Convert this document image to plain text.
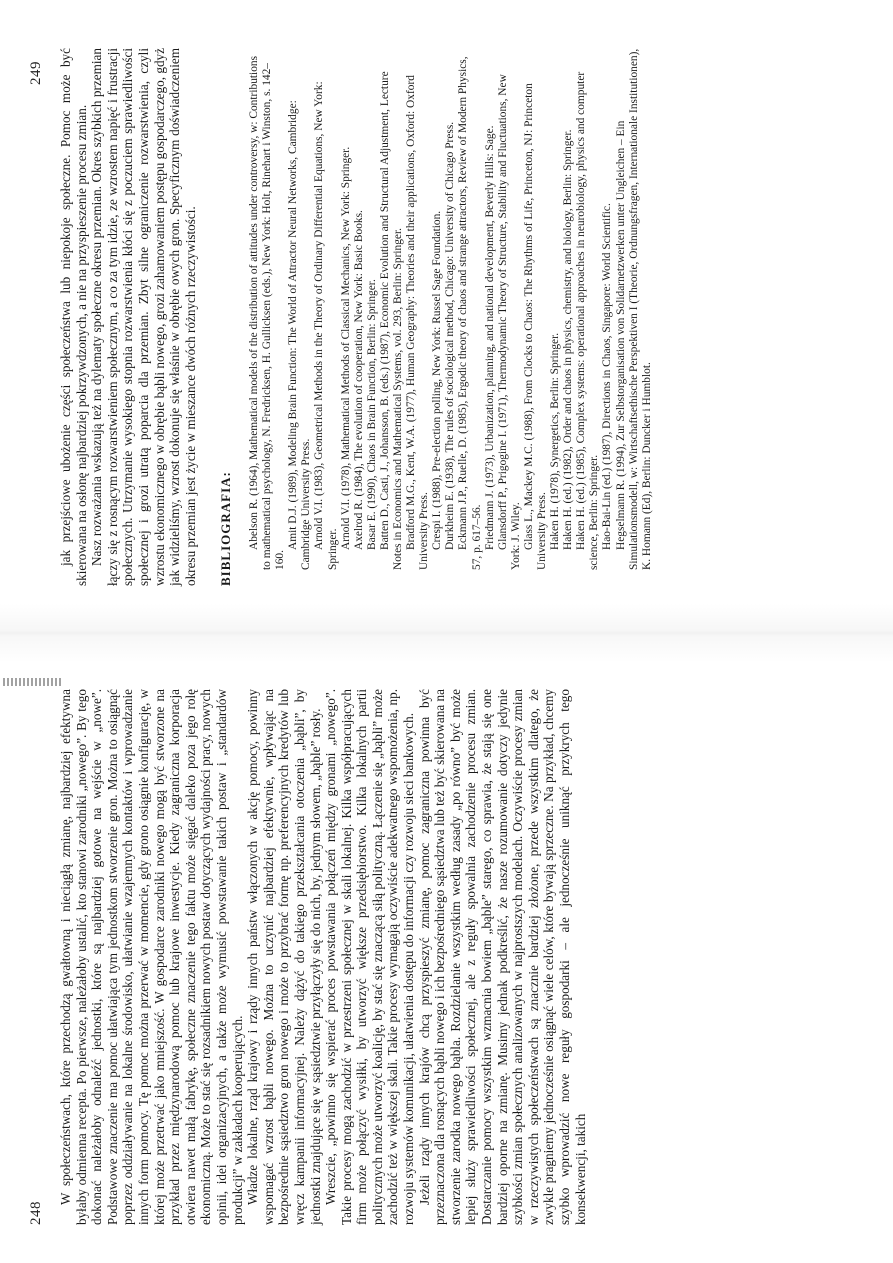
248

W społeczeństwach, które przechodzą gwałtowną i nieciągłą zmianę, najbardziej efektywna byłaby odmienna recepta. Po pierwsze, należałoby ustalić, kto stanowi zarodniki „nowego”. By tego dokonać należałoby odnaleźć jednostki, które są najbardziej gotowe na wejście w „nowe”. Podstawowe znaczenie ma pomoc ułatwiająca tym jednostkom stworzenie gron. Można to osiągnąć poprzez oddziaływanie na lokalne środowisko, ułatwianie wzajemnych kontaktów i wprowadzanie innych form pomocy. Tę pomoc można przerwać w momencie, gdy grono osiągnie konfigurację, w której może przetrwać jako mniejszość. W gospodarce zarodniki nowego mogą być stworzone na przykład przez międzynarodową pomoc lub krajowe inwestycje. Kiedy zagraniczna korporacja otwiera nawet małą fabrykę, społeczne znaczenie tego faktu może sięgać daleko poza jego rolę ekonomiczną. Może to stać się rozsadnikiem nowych postaw dotyczących wydajności pracy, nowych opinii, idei organizacyjnych, a także może wymusić powstawanie takich postaw i „standardów produkcji” w zakładach kooperujących. Władze lokalne, rząd krajowy i rządy innych państw włączonych w akcję pomocy, powinny wspomagać wzrost bąbli nowego. Można to uczynić najbardziej efektywnie, wpływając na bezpośrednie sąsiedztwo gron nowego i może to przybrać formę np. preferencyjnych kredytów lub wręcz kampanii informacyjnej. Należy dążyć do takiego przekształcania otoczenia „bąbli”, by jednostki znajdujące się w sąsiedztwie przyłączyły się do nich, by, jednym słowem, „bąble” rosły. Wreszcie, „powinno się wspierać proces powstawania połączeń między gronami „nowego”. Takie procesy mogą zachodzić w przestrzeni społecznej w skali lokalnej. Kilka współpracujących firm może połączyć wysiłki, by utworzyć większe przedsiębiorstwo. Kilka lokalnych partii politycznych może utworzyć koalicję, by stać się znaczącą siłą polityczną. Łączenie się „bąbli” może zachodzić też w większej skali. Takie procesy wymagają oczywiście adekwatnego wspomożenia, np. rozwoju systemów komunikacji, ułatwienia dostępu do informacji czy rozwoju sieci bankowych. Jeżeli rządy innych krajów chcą przyspieszyć zmianę, pomoc zagraniczna powinna być przeznaczona dla rosnących bąbli nowego i ich bezpośredniego sąsiedztwa lub też być skierowana na stworzenie zarodka nowego bąbla. Rozdzielanie wszystkim według zasady „po równo” być może lepiej służy sprawiedliwości społecznej, ale z reguły spowalnia zachodzenie procesu zmian. Dostarczanie pomocy wszystkim wzmacnia bowiem „bąble” starego, co sprawia, że stają się one bardziej oporne na zmianę. Musimy jednak podkreślić, że nasze rozumowanie dotyczy jedynie szybkości zmian społecznych analizowanych w najprostszych modelach. Oczywiście procesy zmian w rzeczywistych społeczeństwach są znacznie bardziej złożone, przede wszystkim dlatego, że zwykle pragniemy jednocześnie osiągnąć wiele celów, które bywają sprzeczne. Na przykład, chcemy szybko wprowadzić nowe reguły gospodarki – ale jednocześnie uniknąć przykrych tego konsekwencji, takich

249 jak przejściowe ubożenie części społeczeństwa lub niepokoje społeczne. Pomoc może być skierowana na osłonę najbardziej pokrzywdzonych, a nie na przyspieszenie procesu zmian. Nasz rozważania wskazują też na dylematy społeczne okresu przemian. Okres szybkich przemian łączy się z rosnącym rozwarstwieniem społecznym, a co za tym idzie, ze wzrostem napięć i frustracji społecznych. Utrzymanie wysokiego stopnia rozwarstwienia kłóci się z poczuciem sprawiedliwości społecznej i grozi utratą poparcia dla przemian. Zbyt silne ograniczenie rozwarstwienia, czyli wzrostu ekonomicznego w obrębie bąbli nowego, grozi zahamowaniem postępu gospodarczego, gdyż jak widzieliśmy, wzrost dokonuje się właśnie w obrębie owych gron. Specyficznym doświadczeniem okresu przemian jest życie w mieszance dwóch różnych rzeczywistości. BIBLIOGRAFIA: Abelson R. (1964), Mathematical models of the distribution of attitudes under controversy, w: Contributions to mathematical psychology, N. Fredricksen, H. Gullicksen (eds.), New York: Holt, Rinehart i Winston, s. 142–160.

Amit D.J. (1989), Modeling Brain Function: The World of Attractor Neural Networks, Cambridge: Cambridge University Press. Arnold V.I. (1983), Geometrical Methods in the Theory of Ordinary Differential Equations, New York: Springer. Arnold V.I. (1978), Mathematical Methods of Classical Mechanics, New York: Springer. Axelrod R. (1984), The evolution of cooperation, New York: Basic Books. Basar E. (1990), Chaos in Brain Function, Berlin: Springer. Batten D., Casti, J., Johansson, B. (eds.) (1987), Economic Evolution and Structural Adjustment, Lecture Notes in Economics and Mathematical Systems, vol. 293, Berlin: Springer. Bradford M.G., Kent, W.A. (1977), Human Geography: Theories and their applications, Oxford: Oxford University Press. Crespi I. (1988), Pre-election polling, New York: Russel Sage Foundation. Durkheim E. (1938), The rules of sociological method, Chicago: University of Chicago Press. Eckmann J.P., Ruelle, D. (1985), Ergodic theory of chaos and strange attractors, Review of Modern Physics, 57, p. 617–56. Friedmann J. (1973), Urbanization, planning, and national development, Beverly Hills: Sage. Glansdorff P., Prigogine I. (1971), Thermodynamic Theory of Structure, Stability and Fluctuations, New York: J. Wiley. Glass L., Mackey M.C. (1988), From Clocks to Chaos: The Rhythms of Life, Princeton, NJ: Princeton University Press. Haken H. (1978), Synergetics, Berlin: Springer. Haken H. (ed.) (1982), Order and chaos in physics, chemistry, and biology, Berlin: Springer. Haken H. (ed.) (1985), Complex systems: operational approaches in neurobiology, physics and computer science, Berlin: Springer. Hao-Bai-Lin (ed.) (1987), Directions in Chaos, Singapore: World Scientific. Hegselmann R. (1994), Zur Selbstorganisation von Solidarnetzwerken unter Ungleichen – Ein Simulationsmodell, w: Wirtschaftsethische Perspektiven I (Theorie, Ordnungsfragen, Internationale Institutionen), K. Homann (Ed), Berlin: Duncker i Humblot.
